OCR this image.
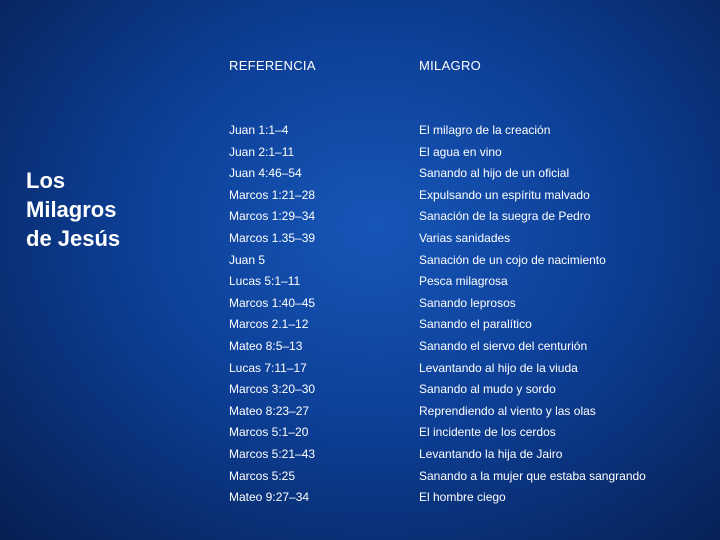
Los
Milagros
de Jesús
REFERENCIA	MILAGRO
Juan 1:1–4	El milagro de la creación
Juan 2:1–11	El agua en vino
Juan 4:46–54	Sanando al hijo de un oficial
Marcos 1:21–28	Expulsando un espíritu malvado
Marcos 1:29–34	Sanación de la suegra de Pedro
Marcos 1.35–39	Varias sanidades
Juan 5	Sanación de un cojo de nacimiento
Lucas 5:1–11	Pesca milagrosa
Marcos 1:40–45	Sanando leprosos
Marcos 2.1–12	Sanando el paralítico
Mateo 8:5–13	Sanando el siervo del centurión
Lucas 7:11–17	Levantando al hijo de la viuda
Marcos 3:20–30	Sanando al mudo y sordo
Mateo 8:23–27	Reprendiendo al viento y las olas
Marcos 5:1–20	El incidente de los cerdos
Marcos 5:21–43	Levantando la hija de Jairo
Marcos 5:25	Sanando a la mujer que estaba sangrando
Mateo 9:27–34	El hombre ciego
